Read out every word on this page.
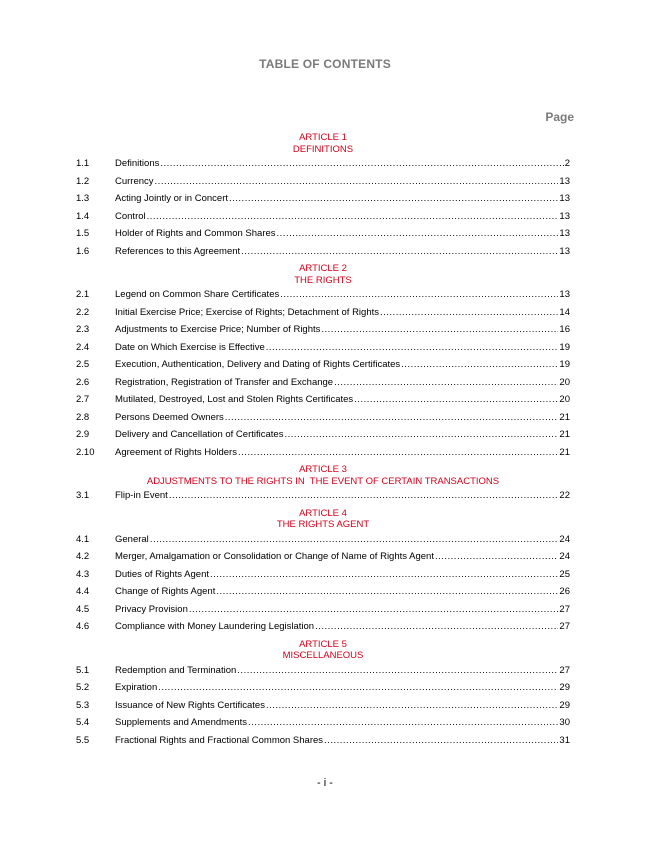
TABLE OF CONTENTS
Page
ARTICLE 1
DEFINITIONS
1.1	Definitions .....	2
1.2	Currency .....	13
1.3	Acting Jointly or in Concert .....	13
1.4	Control .....	13
1.5	Holder of Rights and Common Shares .....	13
1.6	References to this Agreement .....	13
ARTICLE 2
THE RIGHTS
2.1	Legend on Common Share Certificates .....	13
2.2	Initial Exercise Price; Exercise of Rights; Detachment of Rights .....	14
2.3	Adjustments to Exercise Price; Number of Rights .....	16
2.4	Date on Which Exercise is Effective .....	19
2.5	Execution, Authentication, Delivery and Dating of Rights Certificates .....	19
2.6	Registration, Registration of Transfer and Exchange .....	20
2.7	Mutilated, Destroyed, Lost and Stolen Rights Certificates .....	20
2.8	Persons Deemed Owners .....	21
2.9	Delivery and Cancellation of Certificates .....	21
2.10	Agreement of Rights Holders .....	21
ARTICLE 3
ADJUSTMENTS TO THE RIGHTS IN  THE EVENT OF CERTAIN TRANSACTIONS
3.1	Flip-in Event .....	22
ARTICLE 4
THE RIGHTS AGENT
4.1	General .....	24
4.2	Merger, Amalgamation or Consolidation or Change of Name of Rights Agent .....	24
4.3	Duties of Rights Agent .....	25
4.4	Change of Rights Agent .....	26
4.5	Privacy Provision .....	27
4.6	Compliance with Money Laundering Legislation .....	27
ARTICLE 5
MISCELLANEOUS
5.1	Redemption and Termination .....	27
5.2	Expiration .....	29
5.3	Issuance of New Rights Certificates .....	29
5.4	Supplements and Amendments .....	30
5.5	Fractional Rights and Fractional Common Shares .....	31
- i -
